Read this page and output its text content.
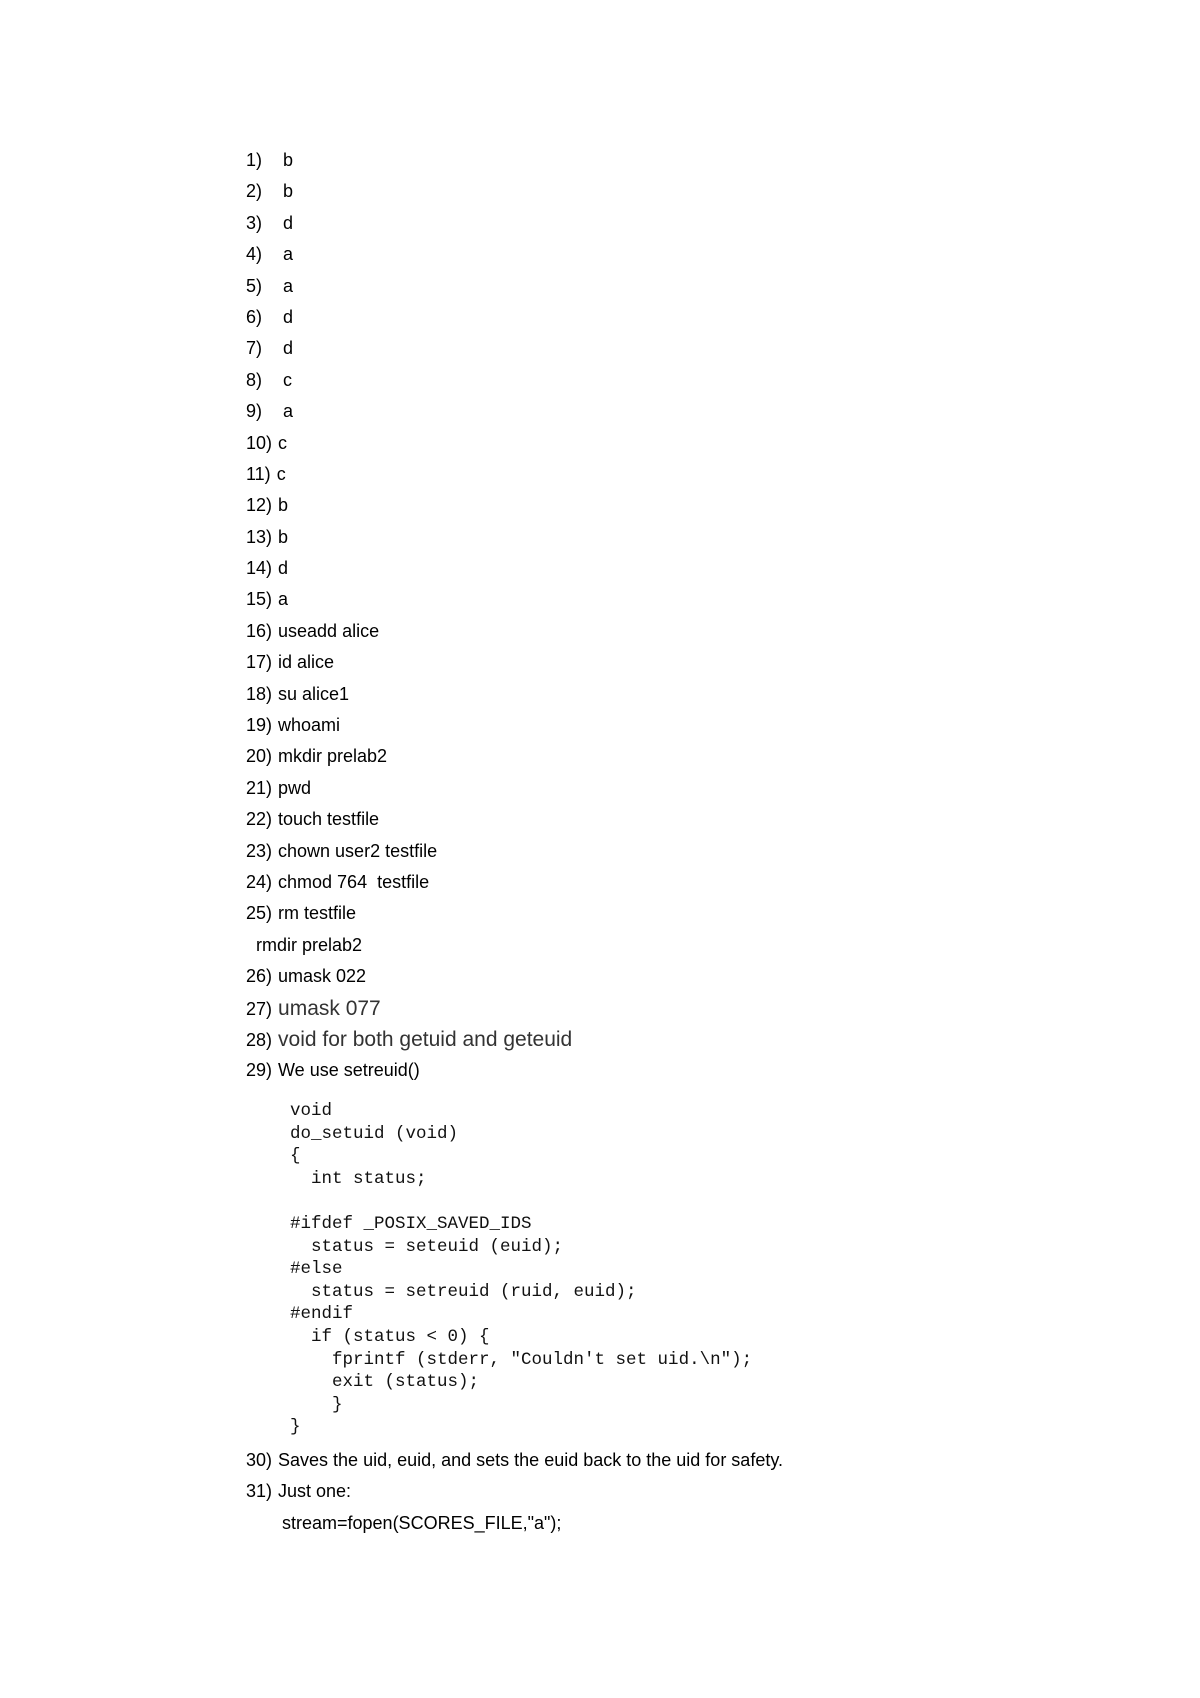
1) b
2) b
3) d
4) a
5) a
6) d
7) d
8) c
9) a
10) c
11) c
12) b
13) b
14) d
15) a
16) useadd alice
17) id alice
18) su alice1
19) whoami
20) mkdir prelab2
21) pwd
22) touch testfile
23) chown user2 testfile
24) chmod 764  testfile
25) rm testfile
rmdir prelab2
26) umask 022
27) umask 077
28) void for both getuid and geteuid
29) We use setreuid()
void
do_setuid (void)
{
int status;

#ifdef _POSIX_SAVED_IDS
status = seteuid (euid);
#else
status = setreuid (ruid, euid);
#endif
if (status < 0) {
fprintf (stderr, "Couldn't set uid.\n");
exit (status);
}
}
30) Saves the uid, euid, and sets the euid back to the uid for safety.
31) Just one:
stream=fopen(SCORES_FILE,"a");
